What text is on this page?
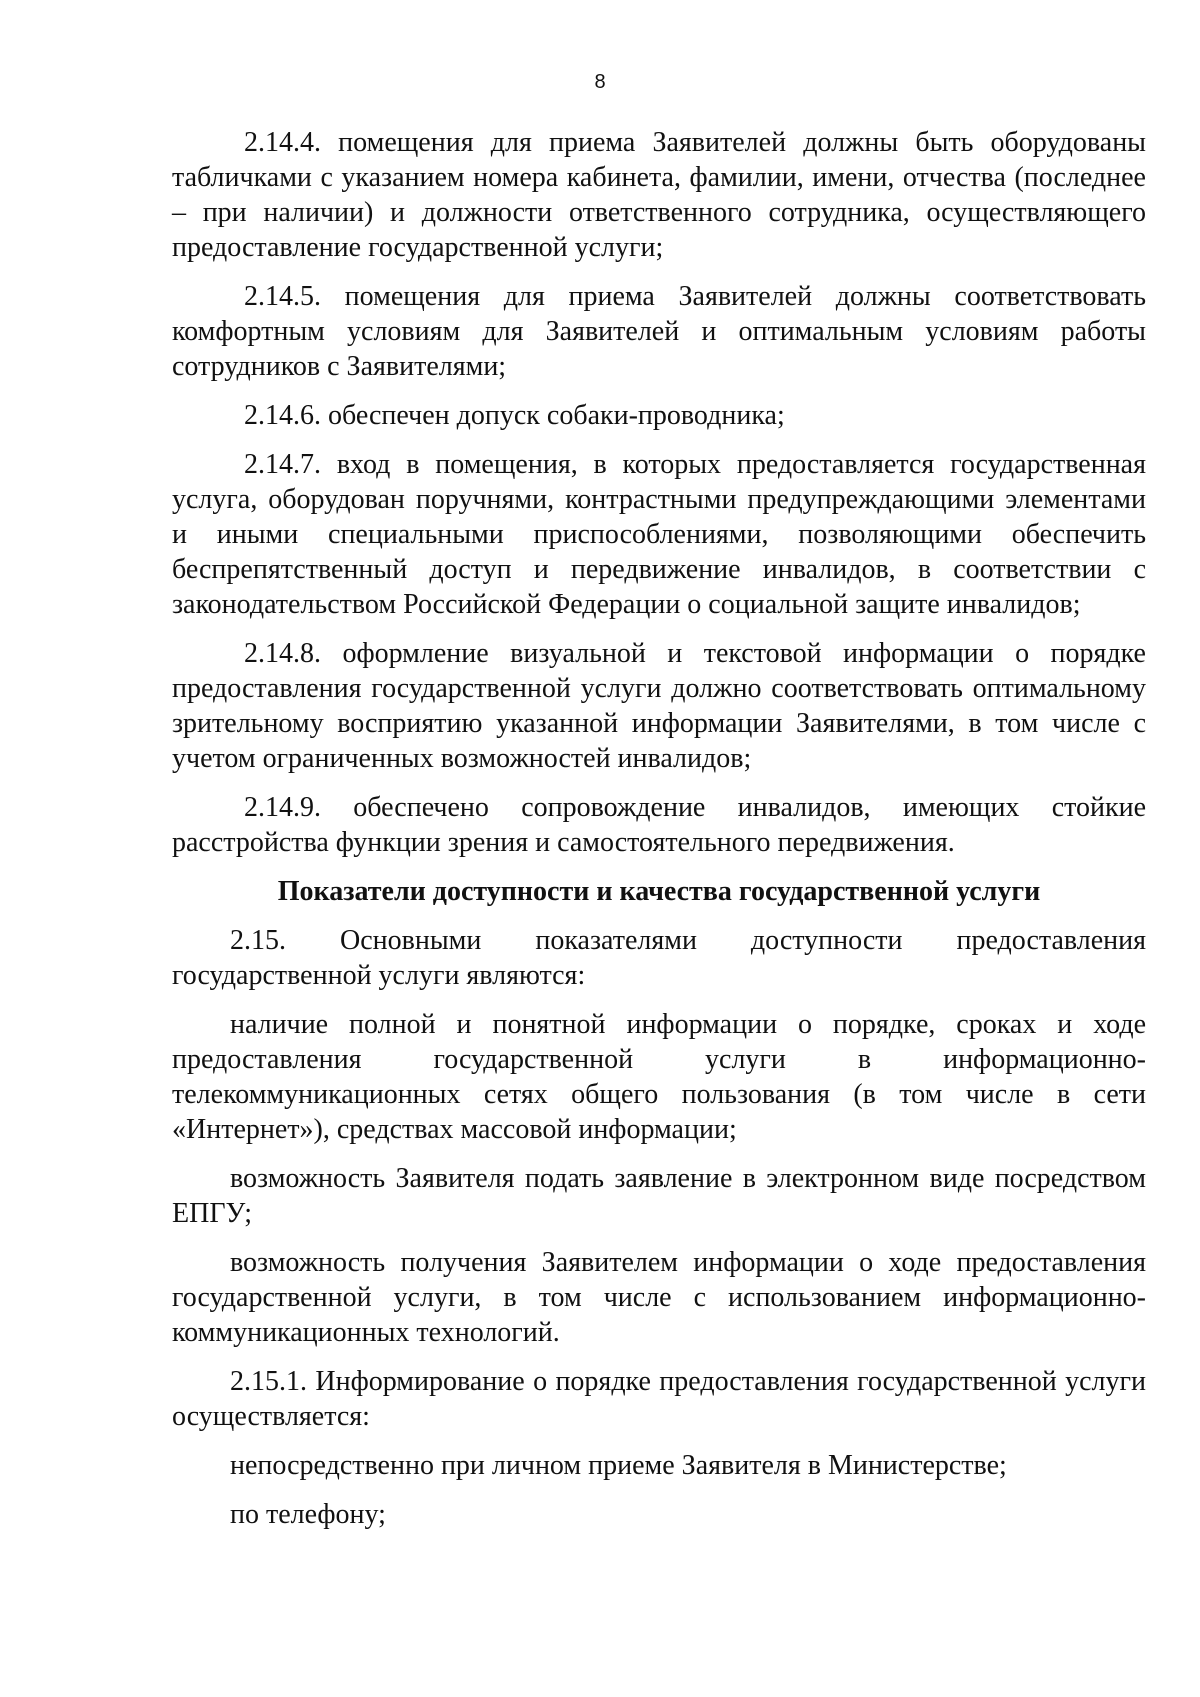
8

2.14.4. помещения для приема Заявителей должны быть оборудованы табличками с указанием номера кабинета, фамилии, имени, отчества (последнее – при наличии) и должности ответственного сотрудника, осуществляющего предоставление государственной услуги;

2.14.5. помещения для приема Заявителей должны соответствовать комфортным условиям для Заявителей и оптимальным условиям работы сотрудников с Заявителями;

2.14.6. обеспечен допуск собаки-проводника;

2.14.7. вход в помещения, в которых предоставляется государственная услуга, оборудован поручнями, контрастными предупреждающими элементами и иными специальными приспособлениями, позволяющими обеспечить беспрепятственный доступ и передвижение инвалидов, в соответствии с законодательством Российской Федерации о социальной защите инвалидов;

2.14.8. оформление визуальной и текстовой информации о порядке предоставления государственной услуги должно соответствовать оптимальному зрительному восприятию указанной информации Заявителями, в том числе с учетом ограниченных возможностей инвалидов;

2.14.9. обеспечено сопровождение инвалидов, имеющих стойкие расстройства функции зрения и самостоятельного передвижения.

Показатели доступности и качества государственной услуги

2.15. Основными показателями доступности предоставления государственной услуги являются:

наличие полной и понятной информации о порядке, сроках и ходе предоставления государственной услуги в информационно-телекоммуникационных сетях общего пользования (в том числе в сети «Интернет»), средствах массовой информации;

возможность Заявителя подать заявление в электронном виде посредством ЕПГУ;

возможность получения Заявителем информации о ходе предоставления государственной услуги, в том числе с использованием информационно-коммуникационных технологий.

2.15.1. Информирование о порядке предоставления государственной услуги осуществляется:

непосредственно при личном приеме Заявителя в Министерстве;

по телефону;
